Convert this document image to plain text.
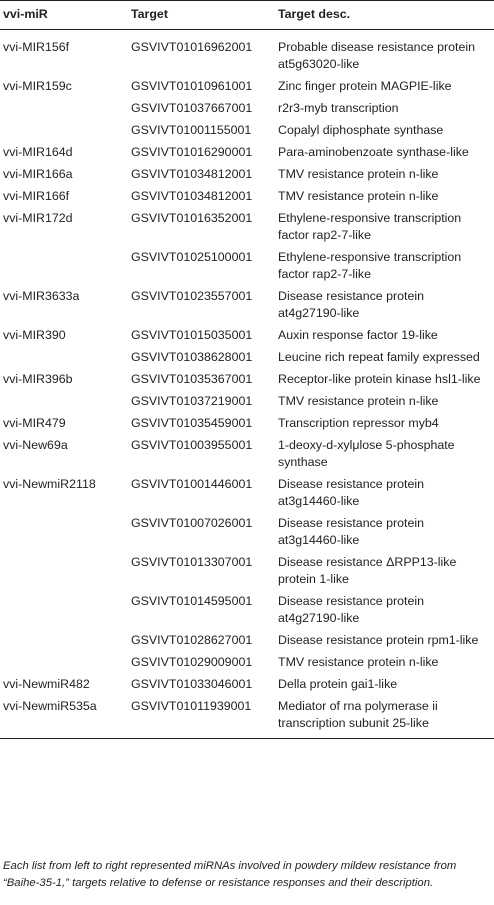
vvi-miR	Target	Target desc.
vvi-MIR156f	GSVIVT01016962001	Probable disease resistance protein at5g63020-like
vvi-MIR159c	GSVIVT01010961001	Zinc finger protein MAGPIE-like
	GSVIVT01037667001	r2r3-myb transcription
	GSVIVT01001155001	Copalyl diphosphate synthase
vvi-MIR164d	GSVIVT01016290001	Para-aminobenzoate synthase-like
vvi-MIR166a	GSVIVT01034812001	TMV resistance protein n-like
vvi-MIR166f	GSVIVT01034812001	TMV resistance protein n-like
vvi-MIR172d	GSVIVT01016352001	Ethylene-responsive transcription factor rap2-7-like
	GSVIVT01025100001	Ethylene-responsive transcription factor rap2-7-like
vvi-MIR3633a	GSVIVT01023557001	Disease resistance protein at4g27190-like
vvi-MIR390	GSVIVT01015035001	Auxin response factor 19-like
	GSVIVT01038628001	Leucine rich repeat family expressed
vvi-MIR396b	GSVIVT01035367001	Receptor-like protein kinase hsl1-like
	GSVIVT01037219001	TMV resistance protein n-like
vvi-MIR479	GSVIVT01035459001	Transcription repressor myb4
vvi-New69a	GSVIVT01003955001	1-deoxy-d-xylμlοse 5-phosphate synthase
vvi-NewmiR2118	GSVIVT01001446001	Disease resistance protein at3g14460-like
	GSVIVT01007026001	Disease resistance protein at3g14460-like
	GSVIVT01013307001	Disease resistance ΔRPP13-like protein 1-like
	GSVIVT01014595001	Disease resistance protein at4g27190-like
	GSVIVT01028627001	Disease resistance protein rpm1-like
	GSVIVT01029009001	TMV resistance protein n-like
vvi-NewmiR482	GSVIVT01033046001	Della protein gai1-like
vvi-NewmiR535a	GSVIVT01011939001	Mediator of rna polymerase ii transcription subunit 25-like
Each list from left to right represented miRNAs involved in powdery mildew resistance from “Baihe-35-1,” targets relative to defense or resistance responses and their description.
